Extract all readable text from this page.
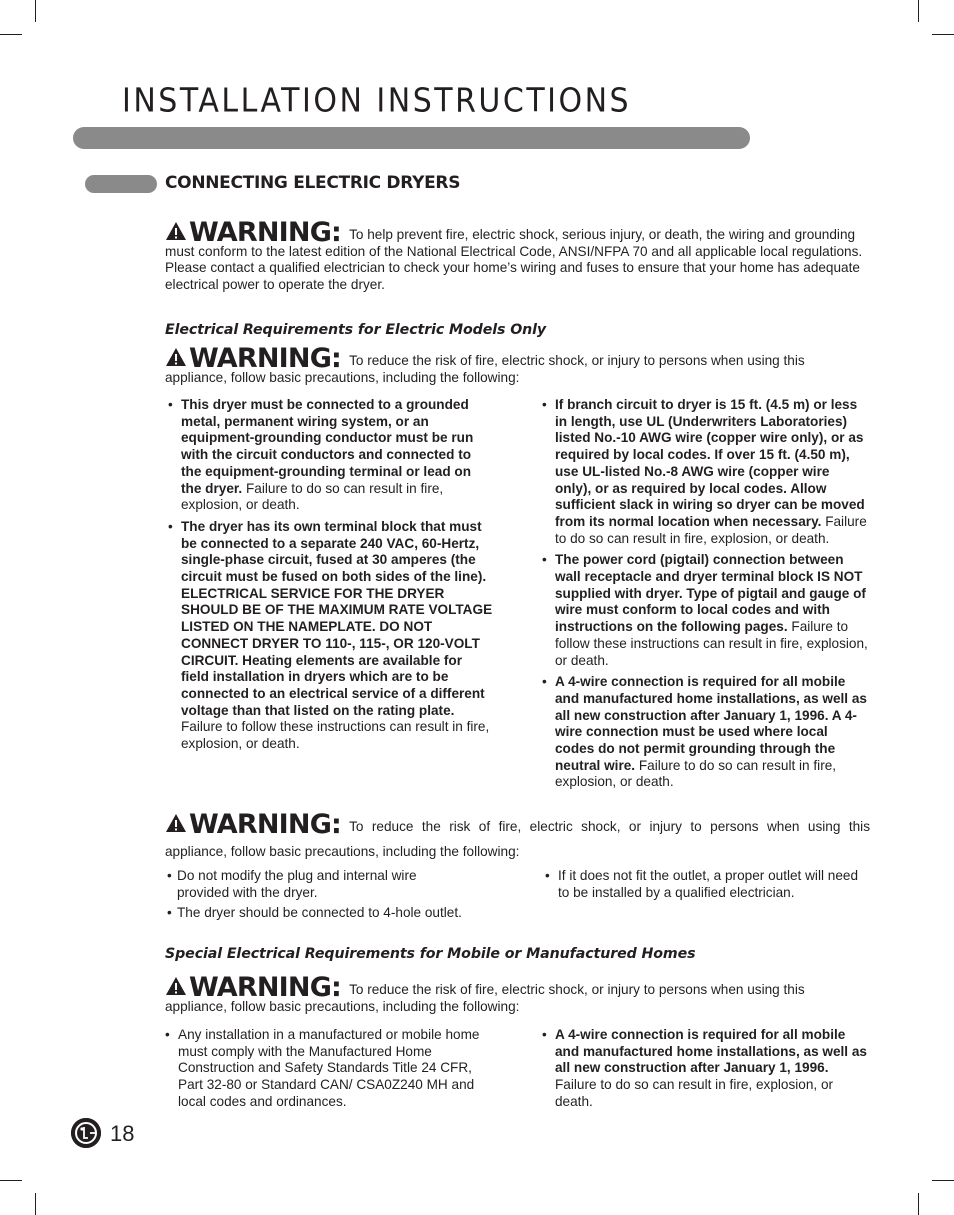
INSTALLATION INSTRUCTIONS
CONNECTING ELECTRIC DRYERS
WARNING: To help prevent fire, electric shock, serious injury, or death, the wiring and grounding must conform to the latest edition of the National Electrical Code, ANSI/NFPA 70 and all applicable local regulations. Please contact a qualified electrician to check your home’s wiring and fuses to ensure that your home has adequate electrical power to operate the dryer.
Electrical Requirements for Electric Models Only
WARNING: To reduce the risk of fire, electric shock, or injury to persons when using this appliance, follow basic precautions, including the following:
• This dryer must be connected to a grounded metal, permanent wiring system, or an equipment-grounding conductor must be run with the circuit conductors and connected to the equipment-grounding terminal or lead on the dryer. Failure to do so can result in fire, explosion, or death.
• The dryer has its own terminal block that must be connected to a separate 240 VAC, 60-Hertz, single-phase circuit, fused at 30 amperes (the circuit must be fused on both sides of the line). ELECTRICAL SERVICE FOR THE DRYER SHOULD BE OF THE MAXIMUM RATE VOLTAGE LISTED ON THE NAMEPLATE. DO NOT CONNECT DRYER TO 110-, 115-, OR 120-VOLT CIRCUIT. Heating elements are available for field installation in dryers which are to be connected to an electrical service of a different voltage than that listed on the rating plate. Failure to follow these instructions can result in fire, explosion, or death.
• If branch circuit to dryer is 15 ft. (4.5 m) or less in length, use UL (Underwriters Laboratories) listed No.-10 AWG wire (copper wire only), or as required by local codes. If over 15 ft. (4.50 m), use UL-listed No.-8 AWG wire (copper wire only), or as required by local codes. Allow sufficient slack in wiring so dryer can be moved from its normal location when necessary. Failure to do so can result in fire, explosion, or death.
• The power cord (pigtail) connection between wall receptacle and dryer terminal block IS NOT supplied with dryer. Type of pigtail and gauge of wire must conform to local codes and with instructions on the following pages. Failure to follow these instructions can result in fire, explosion, or death.
• A 4-wire connection is required for all mobile and manufactured home installations, as well as all new construction after January 1, 1996. A 4-wire connection must be used where local codes do not permit grounding through the neutral wire. Failure to do so can result in fire, explosion, or death.
WARNING: To reduce the risk of fire, electric shock, or injury to persons when using this appliance, follow basic precautions, including the following:
• Do not modify the plug and internal wire provided with the dryer.
• The dryer should be connected to 4-hole outlet.
• If it does not fit the outlet, a proper outlet will need to be installed by a qualified electrician.
Special Electrical Requirements for Mobile or Manufactured Homes
WARNING: To reduce the risk of fire, electric shock, or injury to persons when using this appliance, follow basic precautions, including the following:
• Any installation in a manufactured or mobile home must comply with the Manufactured Home Construction and Safety Standards Title 24 CFR, Part 32-80 or Standard CAN/ CSA0Z240 MH and local codes and ordinances.
• A 4-wire connection is required for all mobile and manufactured home installations, as well as all new construction after January 1, 1996. Failure to do so can result in fire, explosion, or death.
18
